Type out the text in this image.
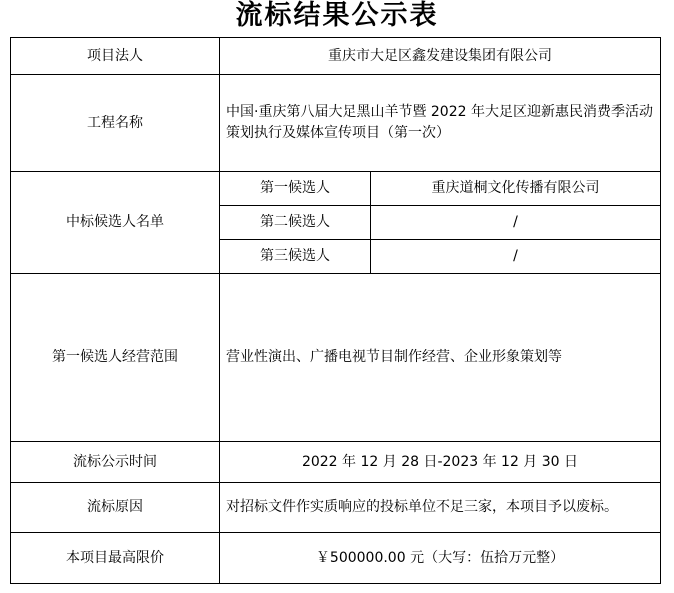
流标结果公示表
项目法人	重庆市大足区鑫发建设集团有限公司	
工程名称	中国·重庆第八届大足黑山羊节暨 2022 年大足区迎新惠民消费季活动策划执行及媒体宣传项目（第一次）	
中标候选人名单	第一候选人	重庆道桐文化传播有限公司
	第二候选人	/
	第三候选人	/
第一候选人经营范围	营业性演出、广播电视节目制作经营、企业形象策划等	
流标公示时间	2022 年 12 月 28 日-2023 年 12 月 30 日	
流标原因	对招标文件作实质响应的投标单位不足三家，本项目予以废标。	
本项目最高限价	￥500000.00 元（大写：伍拾万元整）	
